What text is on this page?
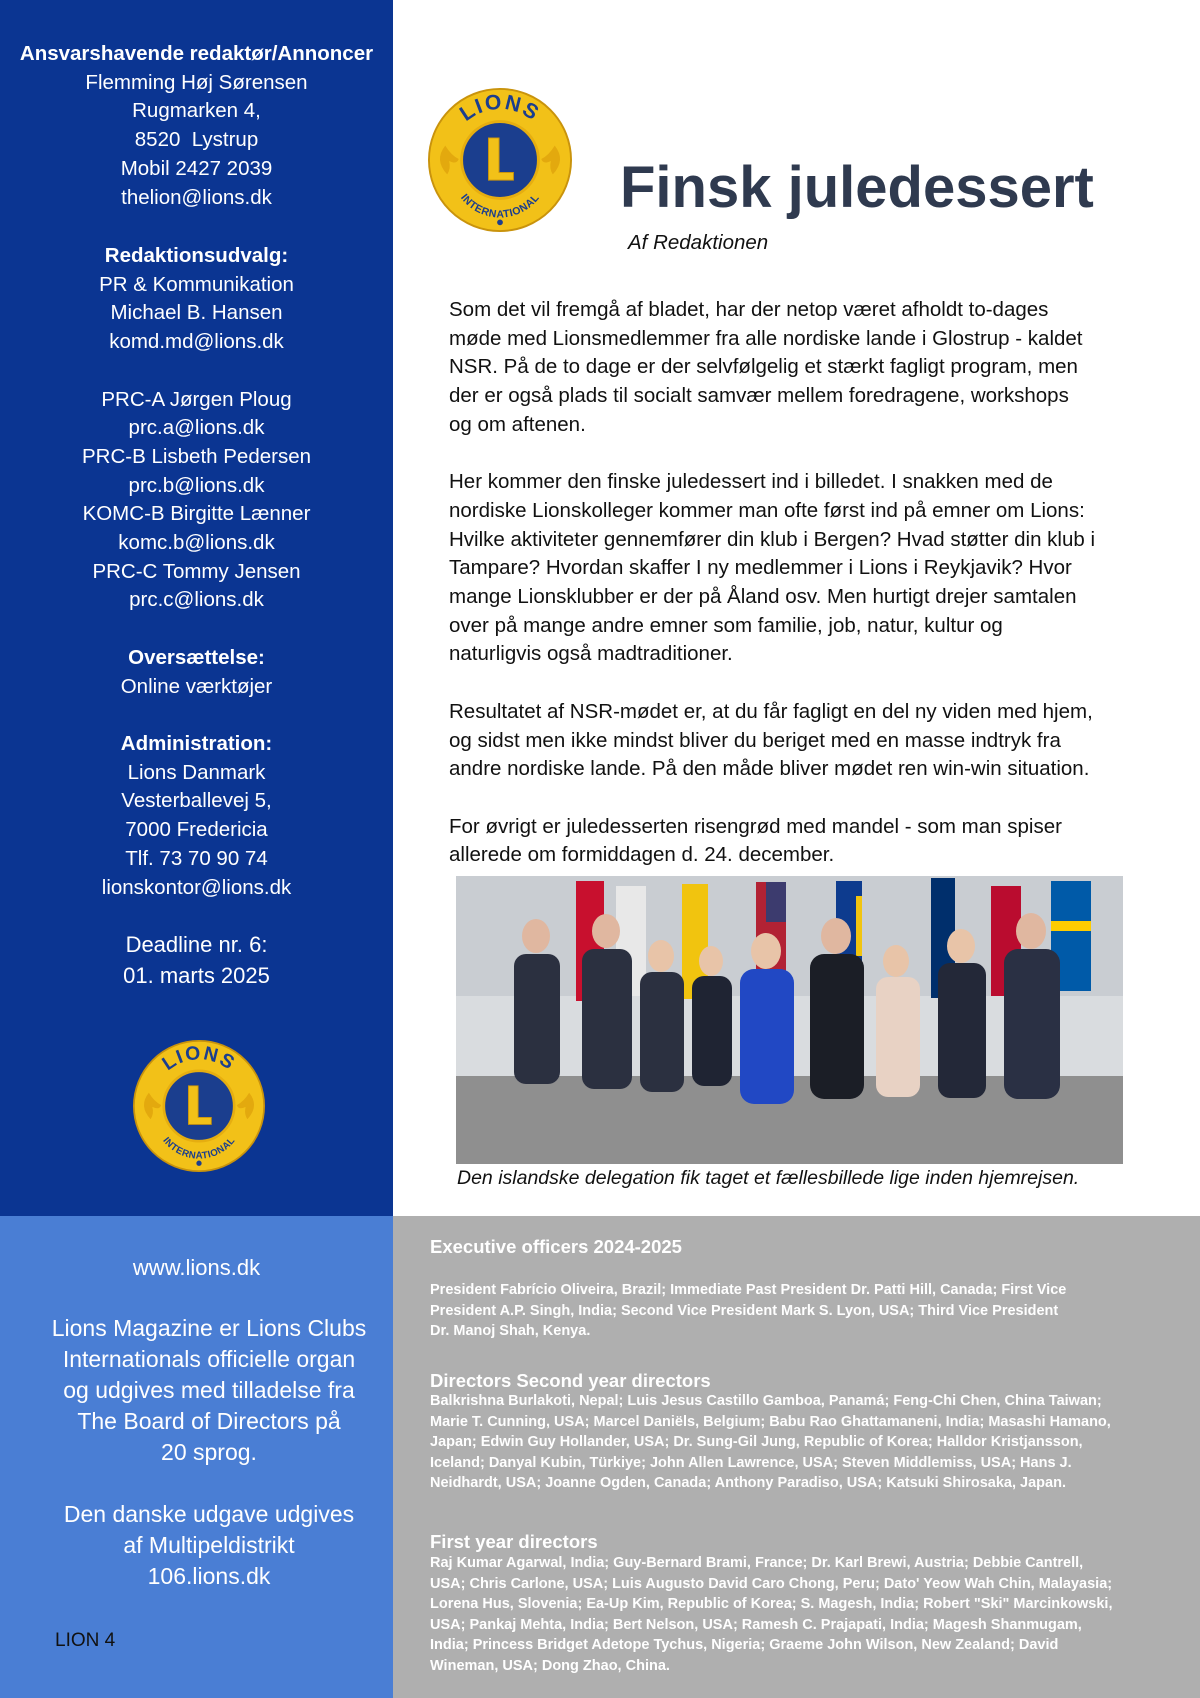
Ansvarshavende redaktør/Annoncer
Flemming Høj Sørensen
Rugmarken 4,
8520  Lystrup
Mobil 2427 2039
thelion@lions.dk
Redaktionsudvalg:
PR & Kommunikation
Michael B. Hansen
komd.md@lions.dk

PRC-A Jørgen Ploug
prc.a@lions.dk
PRC-B Lisbeth Pedersen
prc.b@lions.dk
KOMC-B Birgitte Lænner
komc.b@lions.dk
PRC-C Tommy Jensen
prc.c@lions.dk
Oversættelse:
Online værktøjer
Administration:
Lions Danmark
Vesterballevej 5,
7000 Fredericia
Tlf. 73 70 90 74
lionskontor@lions.dk
Deadline nr. 6:
01. marts 2025
LIONS
INTERNATIONAL
LIONS
INTERNATIONAL Finsk juledessert
Af Redaktionen

Som det vil fremgå af bladet, har der netop været afholdt to-dages
møde med Lionsmedlemmer fra alle nordiske lande i Glostrup - kaldet
NSR. På de to dage er der selvfølgelig et stærkt fagligt program, men
der er også plads til socialt samvær mellem foredragene, workshops
og om aftenen.

Her kommer den finske juledessert ind i billedet. I snakken med de
nordiske Lionskolleger kommer man ofte først ind på emner om Lions:
Hvilke aktiviteter gennemfører din klub i Bergen? Hvad støtter din klub i
Tampare? Hvordan skaffer I ny medlemmer i Lions i Reykjavik? Hvor
mange Lionsklubber er der på Åland osv. Men hurtigt drejer samtalen
over på mange andre emner som familie, job, natur, kultur og
naturligvis også madtraditioner.

Resultatet af NSR-mødet er, at du får fagligt en del ny viden med hjem,
og sidst men ikke mindst bliver du beriget med en masse indtryk fra
andre nordiske lande. På den måde bliver mødet ren win-win situation.

For øvrigt er juledesserten risengrød med mandel - som man spiser
allerede om formiddagen d. 24. december.

Den islandske delegation fik taget et fællesbillede lige inden hjemrejsen.
www.lions.dk
Lions Magazine er Lions Clubs
Internationals officielle organ
og udgives med tilladelse fra
The Board of Directors på
20 sprog.
Den danske udgave udgives
af Multipeldistrikt
106.lions.dk
LION 4
Executive officers 2024-2025
President Fabrício Oliveira, Brazil; Immediate Past President Dr. Patti Hill, Canada; First Vice
President A.P. Singh, India; Second Vice President Mark S. Lyon, USA; Third Vice President
Dr. Manoj Shah, Kenya.
Directors Second year directors
Balkrishna Burlakoti, Nepal; Luis Jesus Castillo Gamboa, Panamá; Feng-Chi Chen, China Taiwan;
Marie T. Cunning, USA; Marcel Daniëls, Belgium; Babu Rao Ghattamaneni, India; Masashi Hamano,
Japan; Edwin Guy Hollander, USA; Dr. Sung-Gil Jung, Republic of Korea; Halldor Kristjansson,
Iceland; Danyal Kubin, Türkiye; John Allen Lawrence, USA; Steven Middlemiss, USA; Hans J.
Neidhardt, USA; Joanne Ogden, Canada; Anthony Paradiso, USA; Katsuki Shirosaka, Japan.
First year directors
Raj Kumar Agarwal, India; Guy-Bernard Brami, France; Dr. Karl Brewi, Austria; Debbie Cantrell,
USA; Chris Carlone, USA; Luis Augusto David Caro Chong, Peru; Dato' Yeow Wah Chin, Malayasia;
Lorena Hus, Slovenia; Ea-Up Kim, Republic of Korea; S. Magesh, India; Robert "Ski" Marcinkowski,
USA; Pankaj Mehta, India; Bert Nelson, USA; Ramesh C. Prajapati, India; Magesh Shanmugam,
India; Princess Bridget Adetope Tychus, Nigeria; Graeme John Wilson, New Zealand; David
Wineman, USA; Dong Zhao, China.
